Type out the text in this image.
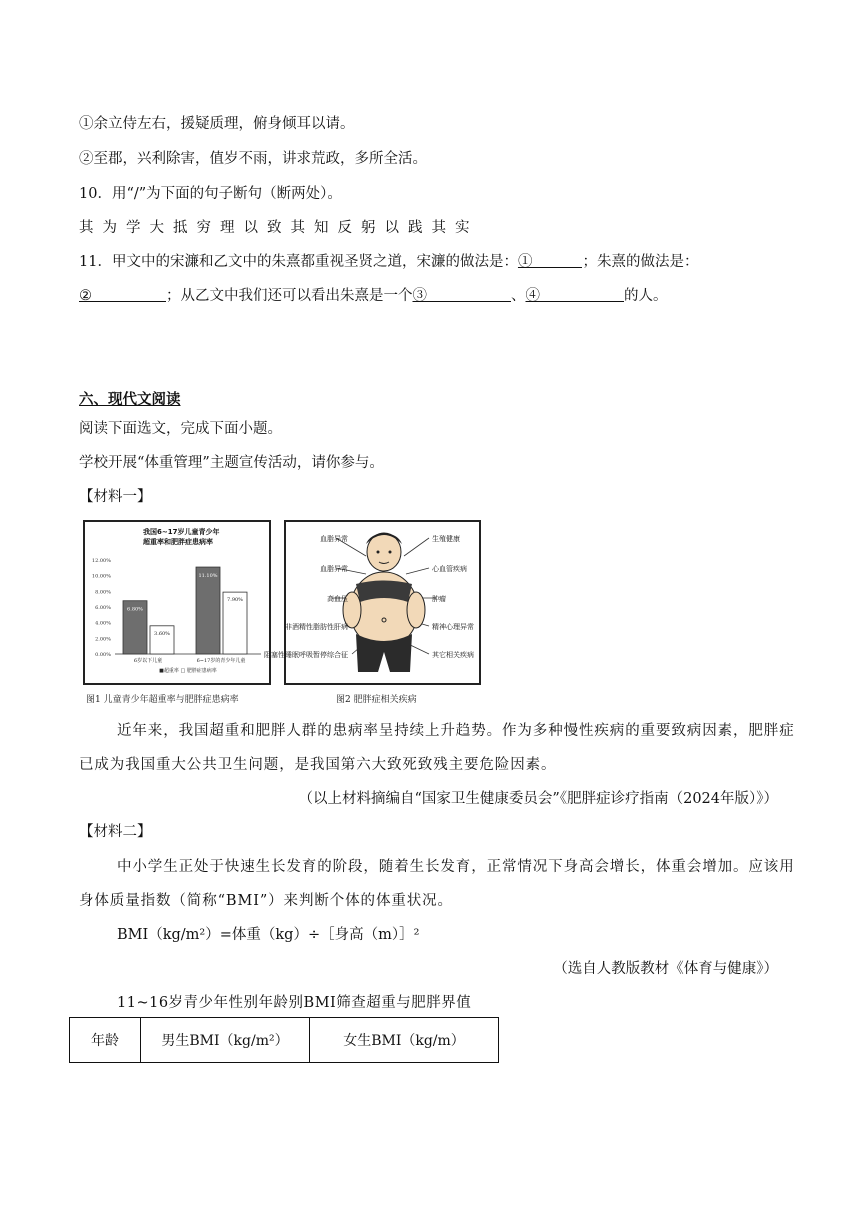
①余立侍左右，援疑质理，俯身倾耳以请。
②至郡，兴利除害，值岁不雨，讲求荒政，多所全活。
10．用“/”为下面的句子断句（断两处）。
其为学大抵穷理以致其知反躬以践其实
11．甲文中的宋濂和乙文中的朱熹都重视圣贤之道，宋濂的做法是：①	；朱熹的做法是：
②	；从乙文中我们还可以看出朱熹是一个③	、④	的人。
六、现代文阅读
阅读下面选文，完成下面小题。
学校开展“体重管理”主题宣传活动，请你参与。
【材料一】
我国6~17岁儿童青少年
超重率和肥胖症患病率
12.00%
10.00%
8.00%
6.00%
4.00%
2.00%
0.00%
6.80%
3.60%
6岁以下儿童
11.10%
7.90%
6~17岁的青少年儿童
■超重率 □ 肥胖症患病率
图1 儿童青少年超重率与肥胖症患病率
血脂异常
血脂异常
高血压
非酒精性脂肪性肝病
阻塞性睡眠呼吸暂停综合征
生殖健康
心血管疾病
肿瘤
精神心理异常
其它相关疾病
图2 肥胖症相关疾病
近年来，我国超重和肥胖人群的患病率呈持续上升趋势。作为多种慢性疾病的重要致病因素，肥胖症
已成为我国重大公共卫生问题，是我国第六大致死致残主要危险因素。
（以上材料摘编自“国家卫生健康委员会”《肥胖症诊疗指南（2024年版）》）
【材料二】
中小学生正处于快速生长发育的阶段，随着生长发育，正常情况下身高会增长，体重会增加。应该用
身体质量指数（简称“BMI”）来判断个体的体重状况。
BMI（kg/m²）=体重（kg）÷［身高（m）］²
（选自人教版教材《体育与健康》）
11~16岁青少年性别年龄别BMI筛查超重与肥胖界值
年龄	男生BMI（kg/m²）	女生BMI（kg/m）
